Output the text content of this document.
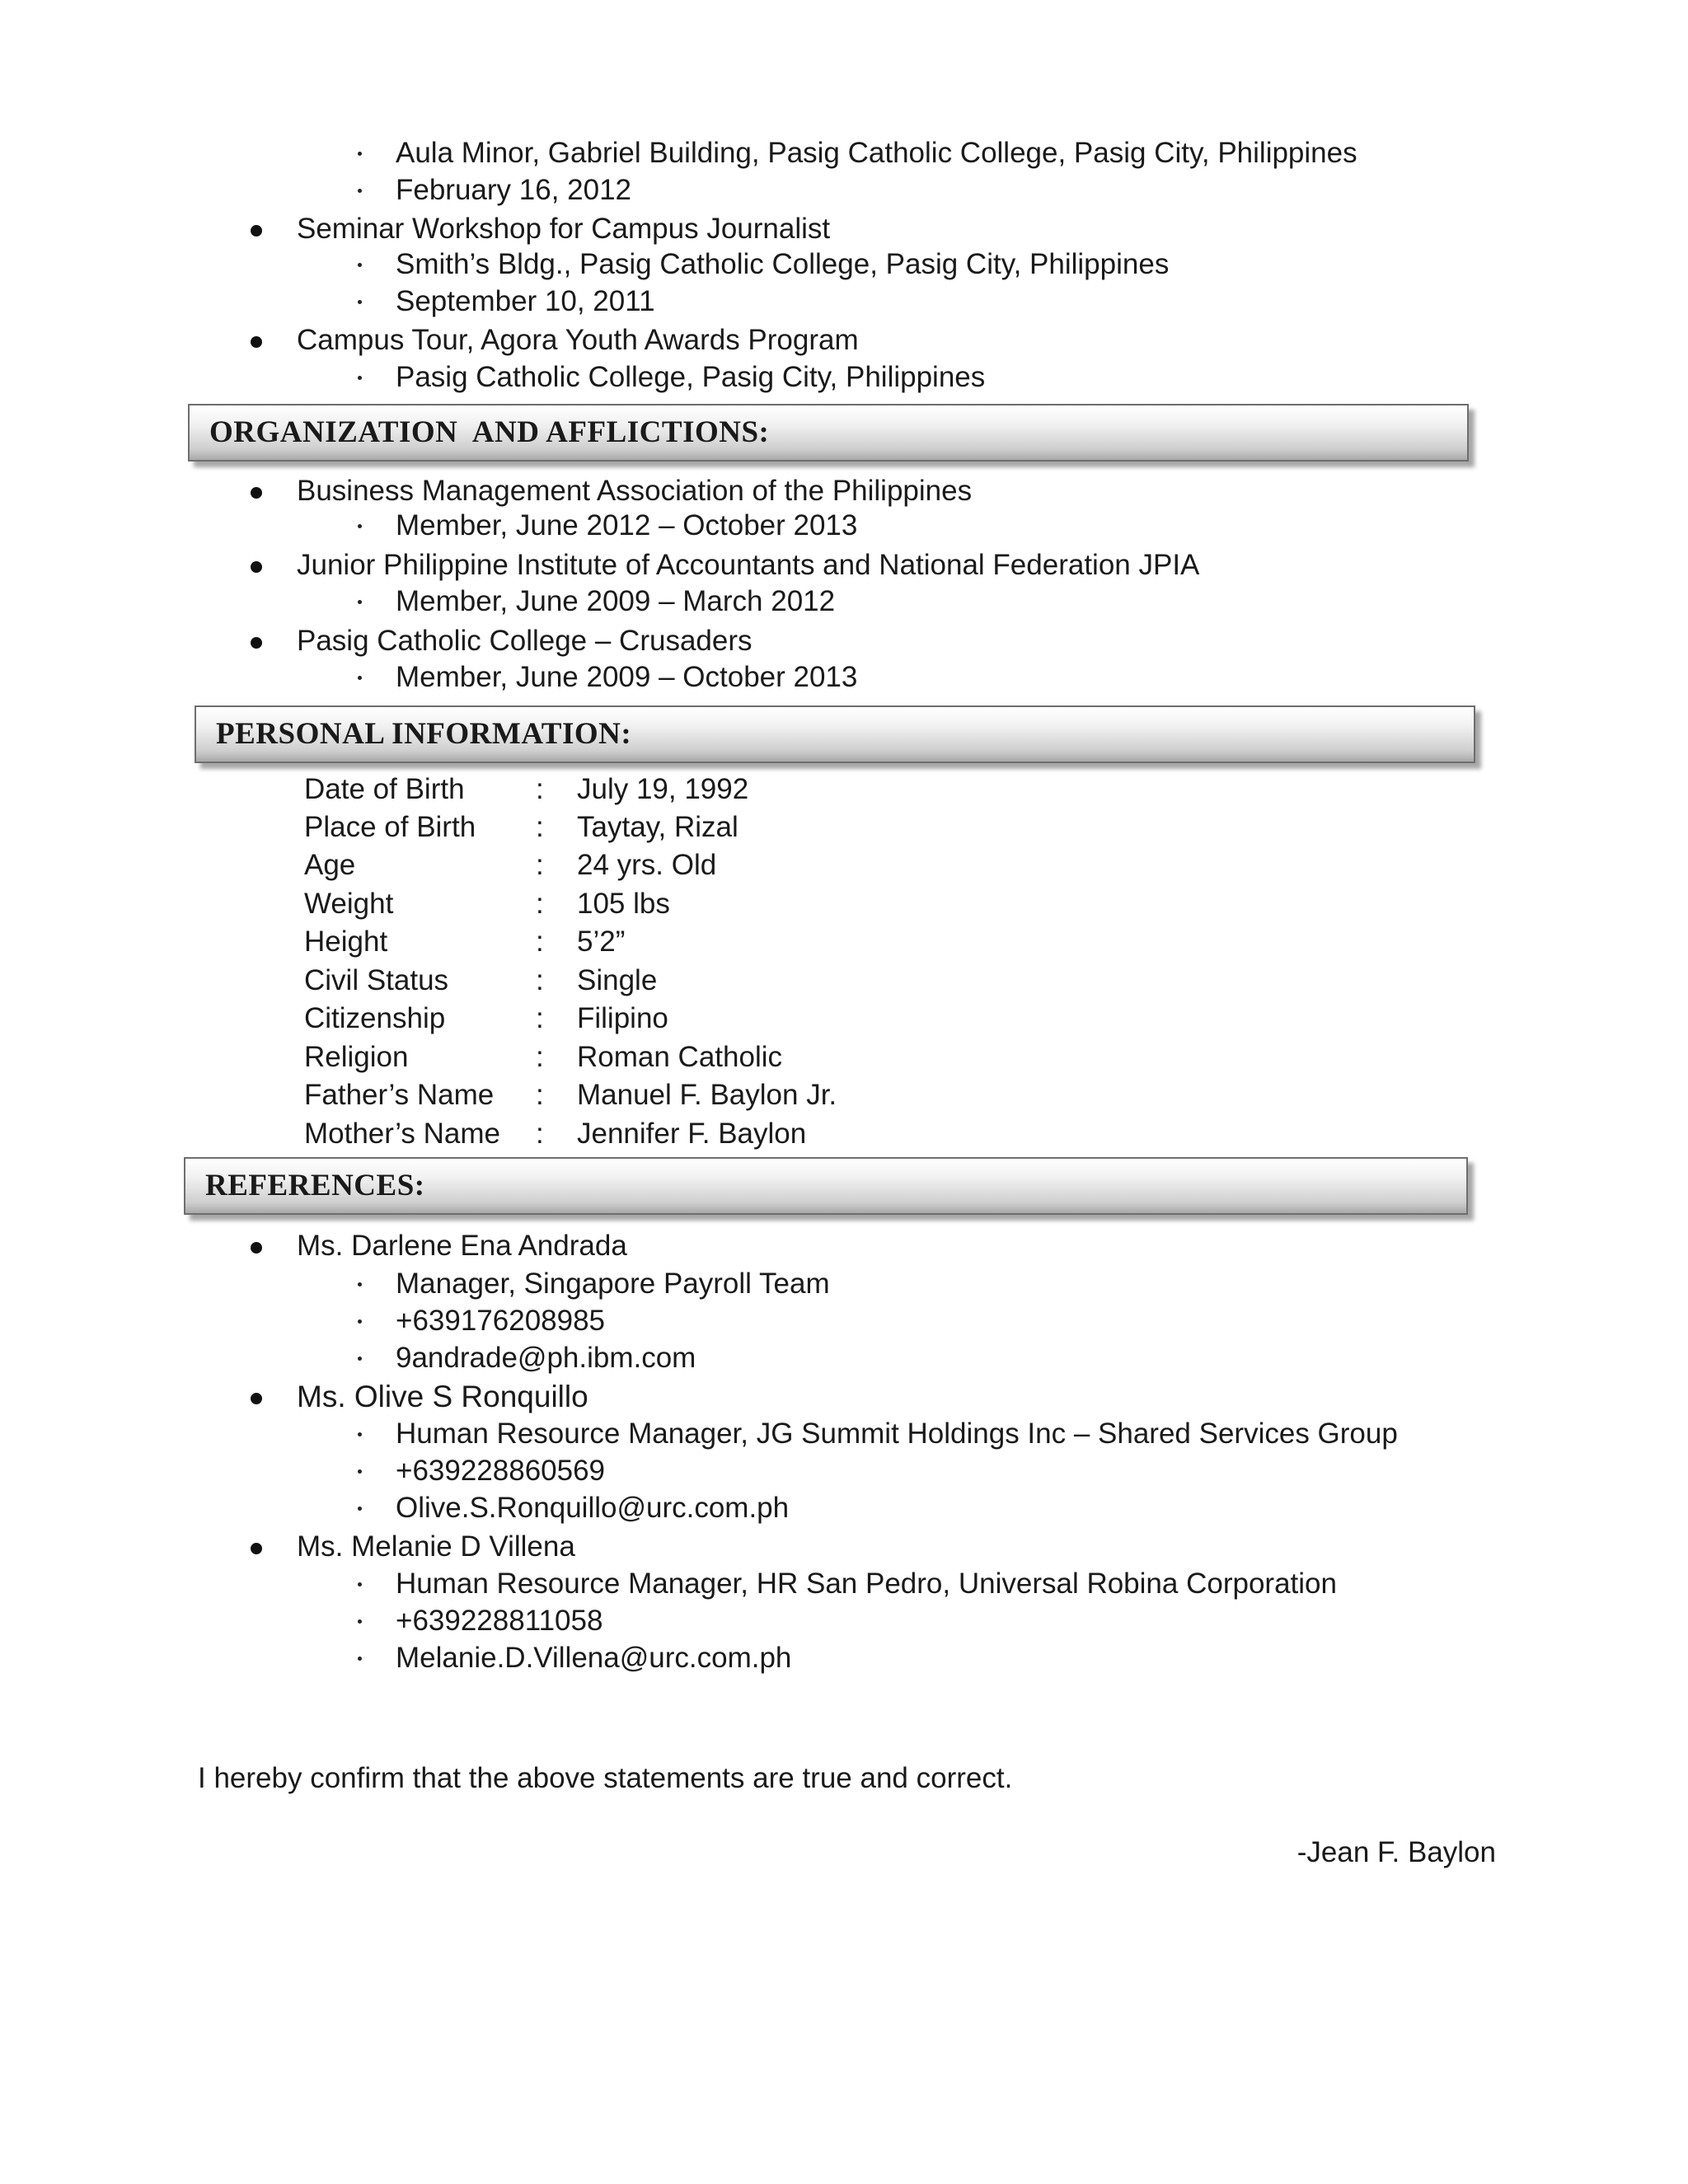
Aula Minor, Gabriel Building, Pasig Catholic College, Pasig City, Philippines
February 16, 2012
Seminar Workshop for Campus Journalist
Smith’s Bldg., Pasig Catholic College, Pasig City, Philippines
September 10, 2011
Campus Tour, Agora Youth Awards Program
Pasig Catholic College, Pasig City, Philippines
ORGANIZATION  AND AFFLICTIONS:
Business Management Association of the Philippines
Member, June 2012 – October 2013
Junior Philippine Institute of Accountants and National Federation JPIA
Member, June 2009 – March 2012
Pasig Catholic College – Crusaders
Member, June 2009 – October 2013
PERSONAL INFORMATION:
Date of Birth : July 19, 1992
Place of Birth : Taytay, Rizal
Age	: 24 yrs. Old
Weight	: 105 lbs
Height	: 5’2”
Civil Status	: Single
Citizenship	: Filipino
Religion	: Roman Catholic
Father’s Name : Manuel F. Baylon Jr.
Mother’s Name : Jennifer F. Baylon
REFERENCES:
Ms. Darlene Ena Andrada
Manager, Singapore Payroll Team
+639176208985
9andrade@ph.ibm.com
Ms. Olive S Ronquillo
Human Resource Manager, JG Summit Holdings Inc – Shared Services Group
+639228860569
Olive.S.Ronquillo@urc.com.ph
Ms. Melanie D Villena
Human Resource Manager, HR San Pedro, Universal Robina Corporation
+639228811058
Melanie.D.Villena@urc.com.ph
I hereby confirm that the above statements are true and correct.
-Jean F. Baylon
